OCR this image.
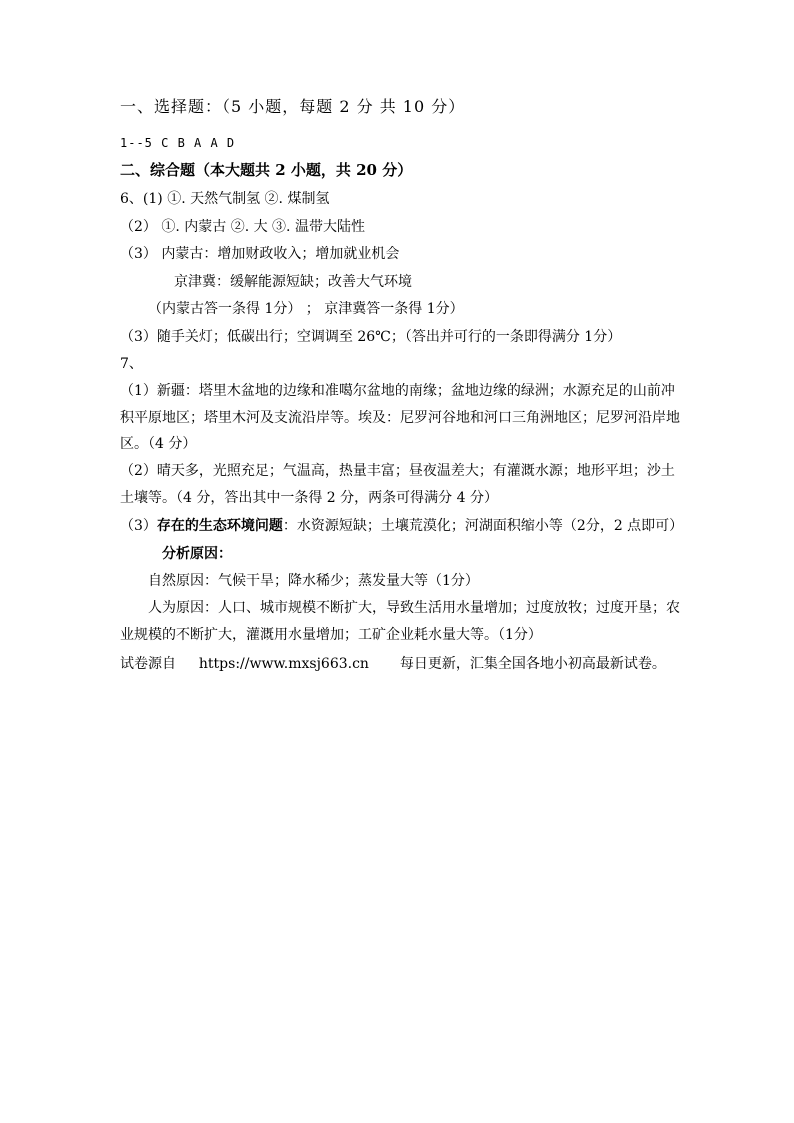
一、选择题：（5 小题，每题 2 分 共 10 分）
1--5 C B A A D
二、综合题（本大题共 2 小题，共 20 分）
6、(1) ①. 天然气制氢 ②. 煤制氢
（2） ①. 内蒙古 ②. 大 ③. 温带大陆性
（3） 内蒙古：增加财政收入；增加就业机会
京津冀：缓解能源短缺；改善大气环境
（内蒙古答一条得 1分） ； 京津冀答一条得 1分）
（3）随手关灯；低碳出行；空调调至 26℃；（答出并可行的一条即得满分 1分）
7、
（1）新疆：塔里木盆地的边缘和准噶尔盆地的南缘；盆地边缘的绿洲；水源充足的山前冲
积平原地区；塔里木河及支流沿岸等。埃及：尼罗河谷地和河口三角洲地区；尼罗河沿岸地
区。（4 分）
（2）晴天多，光照充足；气温高，热量丰富；昼夜温差大；有灌溉水源；地形平坦；沙土
土壤等。（4 分，答出其中一条得 2 分，两条可得满分 4 分）
（3）存在的生态环境问题：水资源短缺；土壤荒漠化；河湖面积缩小等（2分，2 点即可）
分析原因：
自然原因：气候干旱；降水稀少；蒸发量大等（1分）
人为原因：人口、城市规模不断扩大，导致生活用水量增加；过度放牧；过度开垦；农
业规模的不断扩大，灌溉用水量增加；工矿企业耗水量大等。（1分）
试卷源自 https://www.mxsj663.cn 每日更新，汇集全国各地小初高最新试卷。
